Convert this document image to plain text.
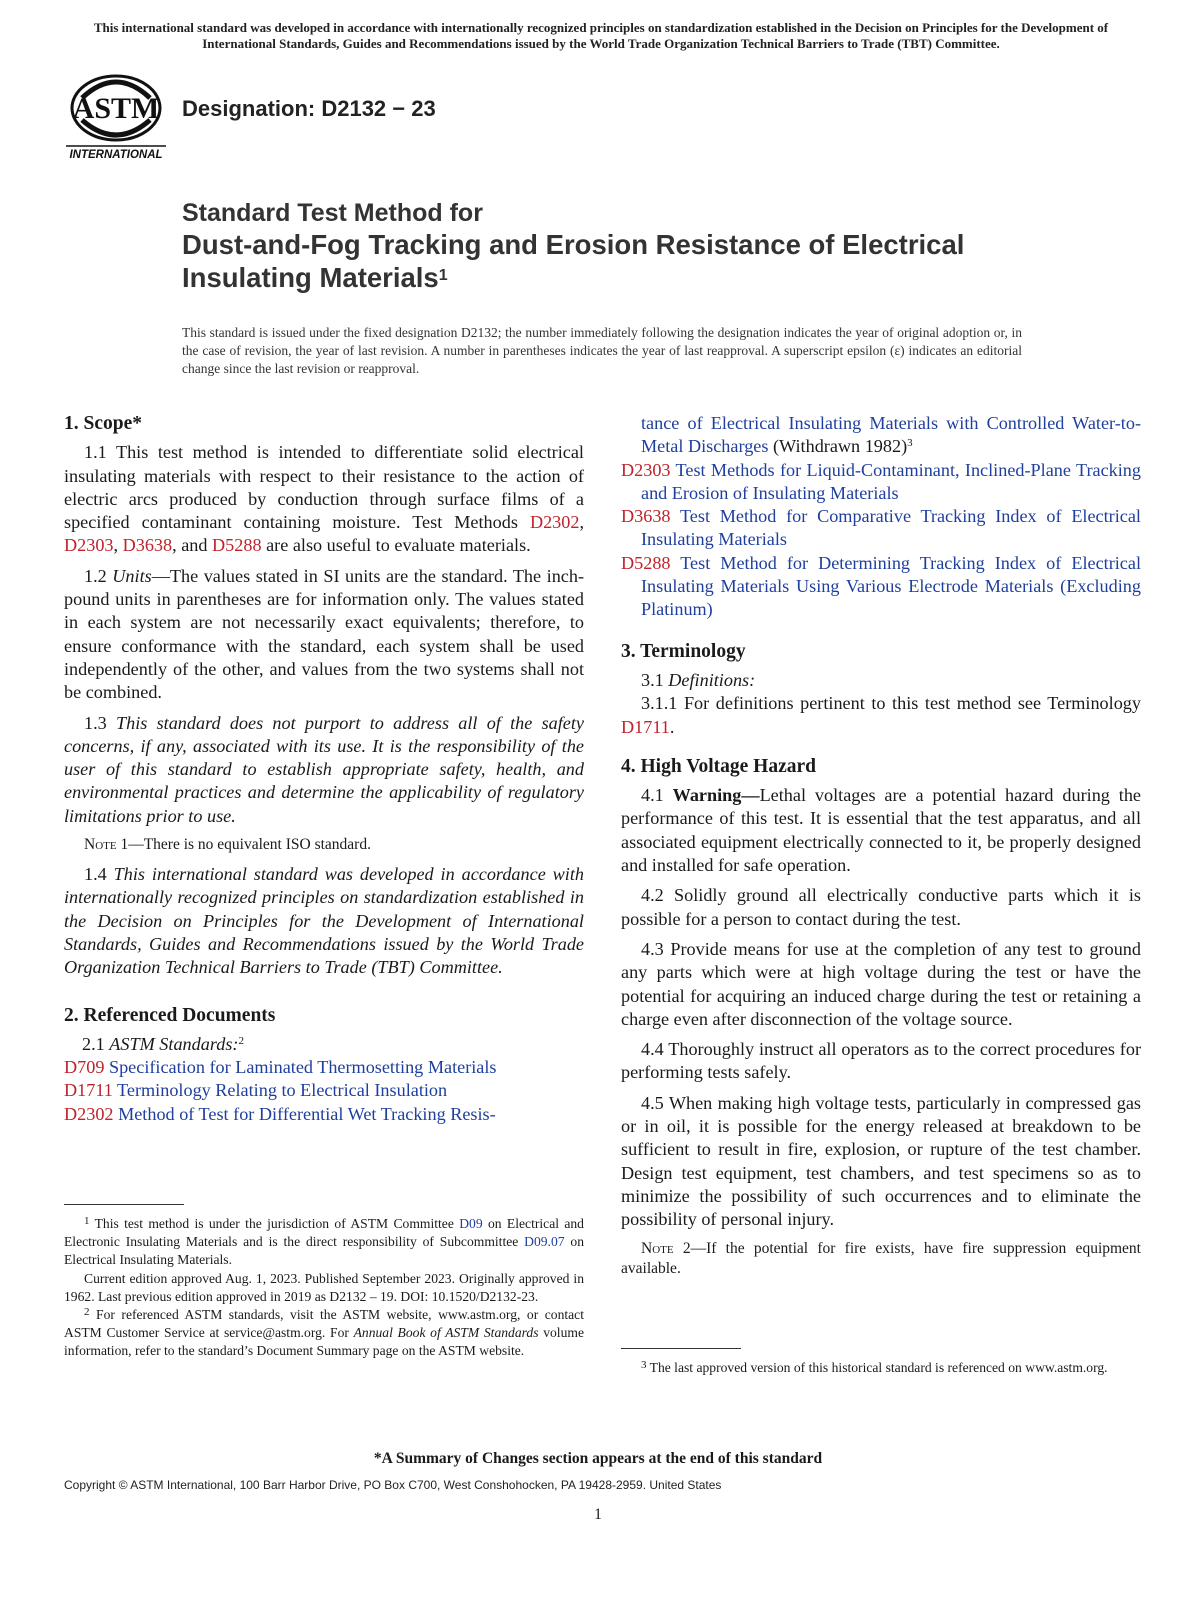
This international standard was developed in accordance with internationally recognized principles on standardization established in the Decision on Principles for the Development of International Standards, Guides and Recommendations issued by the World Trade Organization Technical Barriers to Trade (TBT) Committee.
ASTM
INTERNATIONAL
Designation: D2132 − 23
Standard Test Method for
Dust-and-Fog Tracking and Erosion Resistance of Electrical
Insulating Materials$^1$
This standard is issued under the fixed designation D2132; the number immediately following the designation indicates the year of original adoption or, in the case of revision, the year of last revision. A number in parentheses indicates the year of last reapproval. A superscript epsilon (ε) indicates an editorial change since the last revision or reapproval.

1. Scope*

1.1 This test method is intended to differentiate solid electrical insulating materials with respect to their resistance to the action of electric arcs produced by conduction through surface films of a specified contaminant containing moisture. Test Methods D2302, D2303, D3638, and D5288 are also useful to evaluate materials.

1.2 Units—The values stated in SI units are the standard. The inch-pound units in parentheses are for information only. The values stated in each system are not necessarily exact equivalents; therefore, to ensure conformance with the standard, each system shall be used independently of the other, and values from the two systems shall not be combined.

1.3 This standard does not purport to address all of the safety concerns, if any, associated with its use. It is the responsibility of the user of this standard to establish appropriate safety, health, and environmental practices and determine the applicability of regulatory limitations prior to use.

Note 1—There is no equivalent ISO standard.

1.4 This international standard was developed in accordance with internationally recognized principles on standardization established in the Decision on Principles for the Development of International Standards, Guides and Recommendations issued by the World Trade Organization Technical Barriers to Trade (TBT) Committee.

2. Referenced Documents

2.1 ASTM Standards:$^2$

D709 Specification for Laminated Thermosetting Materials

D1711 Terminology Relating to Electrical Insulation

D2302 Method of Test for Differential Wet Tracking Resis-

$^1$ This test method is under the jurisdiction of ASTM Committee D09 on Electrical and Electronic Insulating Materials and is the direct responsibility of Subcommittee D09.07 on Electrical Insulating Materials.

Current edition approved Aug. 1, 2023. Published September 2023. Originally approved in 1962. Last previous edition approved in 2019 as D2132 – 19. DOI: 10.1520/D2132-23.

$^2$ For referenced ASTM standards, visit the ASTM website, www.astm.org, or contact ASTM Customer Service at service@astm.org. For Annual Book of ASTM Standards volume information, refer to the standard’s Document Summary page on the ASTM website.

tance of Electrical Insulating Materials with Controlled Water-to-Metal Discharges (Withdrawn 1982)$^3$

D2303 Test Methods for Liquid-Contaminant, Inclined-Plane Tracking and Erosion of Insulating Materials

D3638 Test Method for Comparative Tracking Index of Electrical Insulating Materials

D5288 Test Method for Determining Tracking Index of Electrical Insulating Materials Using Various Electrode Materials (Excluding Platinum)

3. Terminology

3.1 Definitions:

3.1.1 For definitions pertinent to this test method see Terminology D1711.

4. High Voltage Hazard

4.1 Warning—Lethal voltages are a potential hazard during the performance of this test. It is essential that the test apparatus, and all associated equipment electrically connected to it, be properly designed and installed for safe operation.

4.2 Solidly ground all electrically conductive parts which it is possible for a person to contact during the test.

4.3 Provide means for use at the completion of any test to ground any parts which were at high voltage during the test or have the potential for acquiring an induced charge during the test or retaining a charge even after disconnection of the voltage source.

4.4 Thoroughly instruct all operators as to the correct procedures for performing tests safely.

4.5 When making high voltage tests, particularly in compressed gas or in oil, it is possible for the energy released at breakdown to be sufficient to result in fire, explosion, or rupture of the test chamber. Design test equipment, test chambers, and test specimens so as to minimize the possibility of such occurrences and to eliminate the possibility of personal injury.

Note 2—If the potential for fire exists, have fire suppression equipment available.

$^3$ The last approved version of this historical standard is referenced on www.astm.org.

*A Summary of Changes section appears at the end of this standard
Copyright © ASTM International, 100 Barr Harbor Drive, PO Box C700, West Conshohocken, PA 19428-2959. United States
1
